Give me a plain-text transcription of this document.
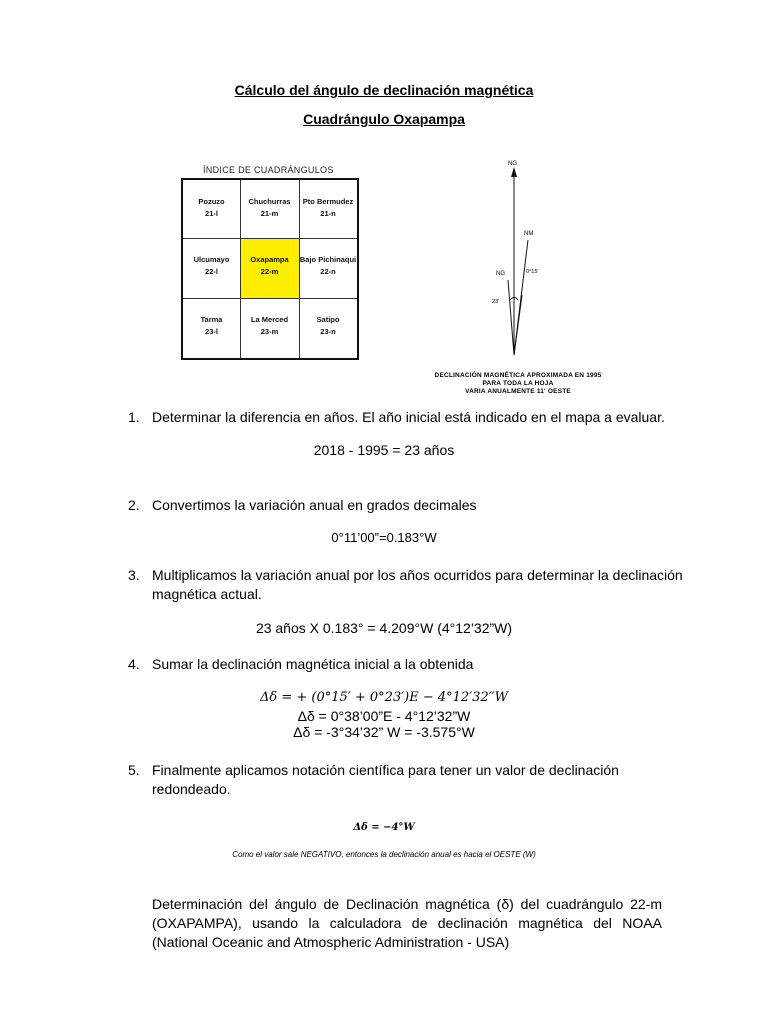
Cálculo del ángulo de declinación magnética
Cuadrángulo Oxapampa
ÍNDICE DE CUADRÁNGULOS
Pozuzo
21-l
Chuchurras
21-m
Pto Bermudez
21-n
Ulcumayo
22-l
Oxapampa
22-m
Bajo Pichinaqui
22-n
Tarma
23-l
La Merced
23-m
Satipo
23-n
NG
NM
NG	0°15'
23'
DECLINACIÓN MAGNÉTICA APROXIMADA EN 1995
PARA TODA LA HOJA
VARIA ANUALMENTE 11' OESTE
1. Determinar la diferencia en años. El año inicial está indicado en el mapa a evaluar.
2018 - 1995 = 23 años
2. Convertimos la variación anual en grados decimales
0°11’00”=0.183°W
3. Multiplicamos la variación anual por los años ocurridos para determinar la declinación magnética actual.
23 años X 0.183° = 4.209°W (4°12’32”W)
4. Sumar la declinación magnética inicial a la obtenida
Δδ = + (0°15′ + 0°23′)E − 4°12′32′′W
Δδ = 0°38’00”E - 4°12’32”W
Δδ = -3°34’32” W = -3.575°W
5. Finalmente aplicamos notación científica para tener un valor de declinación redondeado.
Δδ = −4°W
Como el valor sale NEGATIVO, entonces la declinación anual es hacia el OESTE (W)
Determinación del ángulo de Declinación magnética (δ) del cuadrángulo 22-m (OXAPAMPA), usando la calculadora de declinación magnética del NOAA (National Oceanic and Atmospheric Administration - USA)
